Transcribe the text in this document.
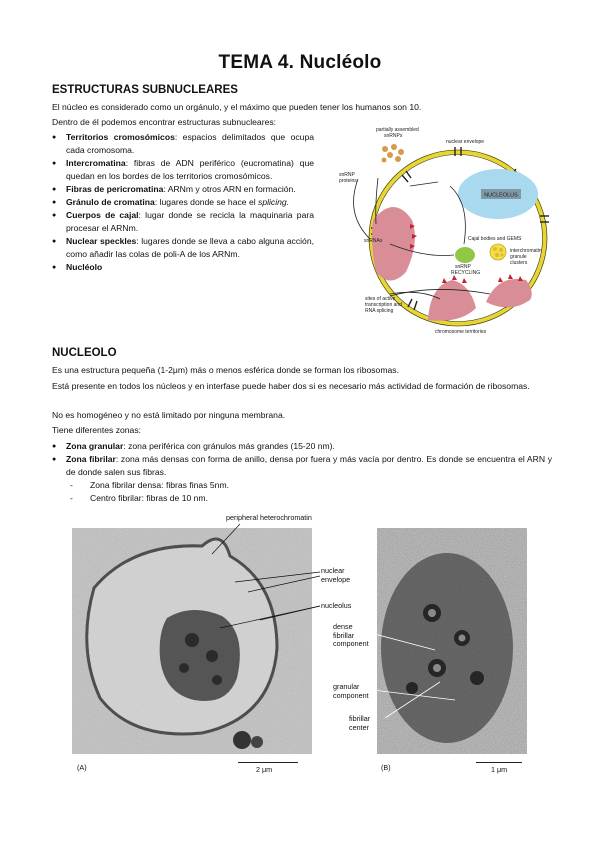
TEMA 4. Nucléolo
ESTRUCTURAS SUBNUCLEARES

El núcleo es considerado como un orgánulo, y el máximo que pueden tener los humanos son 10.

Dentro de él podemos encontrar estructuras subnucleares:

● Territorios cromosómicos: espacios delimitados que ocupa cada cromosoma.
● Intercromatina: fibras de ADN periférico (eucromatina) que quedan en los bordes de los territorios cromosómicos.
● Fibras de pericromatina: ARNm y otros ARN en formación.
● Gránulo de cromatina: lugares donde se hace el splicing.
● Cuerpos de cajal: lugar donde se recicla la maquinaria para procesar el ARNm.
● Nuclear speckles: lugares donde se lleva a cabo alguna acción, como añadir las colas de poli-A de los ARNm.
● Nucléolo
NUCLEOLUS
partially assembled
snRNPs
nuclear envelope
snRNP
proteins
snRNAs	Cajal bodies and GEMS
snRNP
RECYCLING
interchromatin
granule
clusters
sites of active
transcription and
RNA splicing
chromosome territories
NUCLEOLO

Es una estructura pequeña (1-2μm) más o menos esférica donde se forman los ribosomas.

Está presente en todos los núcleos y en interfase puede haber dos si es necesario más actividad de formación de ribosomas.

No es homogéneo y no está limitado por ninguna membrana.

Tiene diferentes zonas:

● Zona granular: zona periférica con gránulos más grandes (15-20 nm).
● Zona fibrilar: zona más densas con forma de anillo, densa por fuera y más vacía por dentro. Es donde se encuentra el ARN y de donde salen sus fibras.
- Zona fibrilar densa: fibras finas 5nm.
- Centro fibrilar: fibras de 10 nm.
(A)	2 μm
peripheral heterochromatin
nuclear
envelope
nucleolus
(B)	1 μm
dense
fibrillar
component
granular
component
fibrillar
center
